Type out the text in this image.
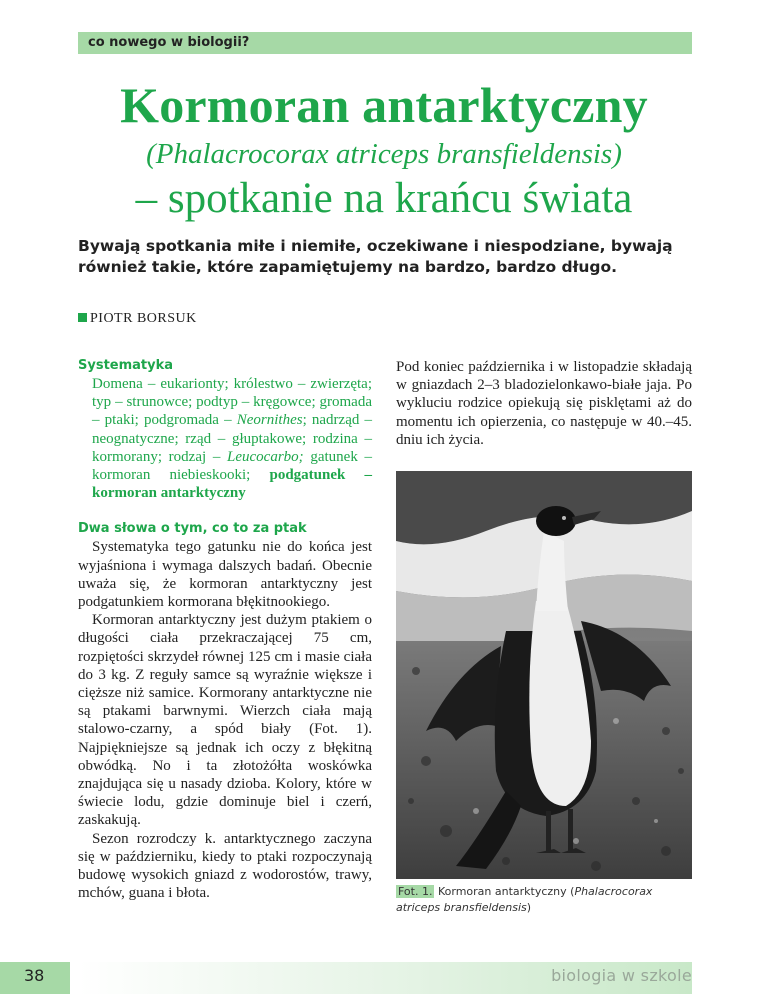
co nowego w biologii?
Kormoran antarktyczny
(Phalacrocorax atriceps bransfieldensis)
– spotkanie na krańcu świata
Bywają spotkania miłe i niemiłe, oczekiwane i niespodziane, bywają również takie, które zapamiętujemy na bardzo, bardzo długo.
PIOTR BORSUK
Systematyka

Domena – eukarionty; królestwo – zwierzęta; typ – strunowce; podtyp – kręgowce; gromada – ptaki; podgromada – Neornithes; nadrząd – neognatyczne; rząd – głuptakowe; rodzina – kormorany; rodzaj – Leucocarbo; gatunek – kormoran niebieskooki; podgatunek – kormoran antarktyczny

Dwa słowa o tym, co to za ptak

Systematyka tego gatunku nie do końca jest wyjaśniona i wymaga dalszych badań. Obecnie uważa się, że kormoran antarktyczny jest podgatunkiem kormorana błękitnookiego.

Kormoran antarktyczny jest dużym ptakiem o długości ciała przekraczającej 75 cm, rozpiętości skrzydeł równej 125 cm i masie ciała do 3 kg. Z reguły samce są wyraźnie większe i cięższe niż samice. Kormorany antarktyczne nie są ptakami barwnymi. Wierzch ciała mają stalowo-czarny, a spód biały (Fot. 1). Najpiękniejsze są jednak ich oczy z błękitną obwódką. No i ta złotożółta woskówka znajdująca się u nasady dzioba. Kolory, które w świecie lodu, gdzie dominuje biel i czerń, zaskakują.

Sezon rozrodczy k. antarktycznego zaczyna się w październiku, kiedy to ptaki rozpoczynają budowę wysokich gniazd z wodorostów, trawy, mchów, guana i błota.

Pod koniec października i w listopadzie składają w gniazdach 2–3 bladozielonkawo-białe jaja. Po wykluciu rodzice opiekują się pisklętami aż do momentu ich opierzenia, co następuje w 40.–45. dniu ich życia.

Fot. 1. Kormoran antarktyczny (Phalacrocorax atriceps bransfieldensis)
38	biologia w szkole
